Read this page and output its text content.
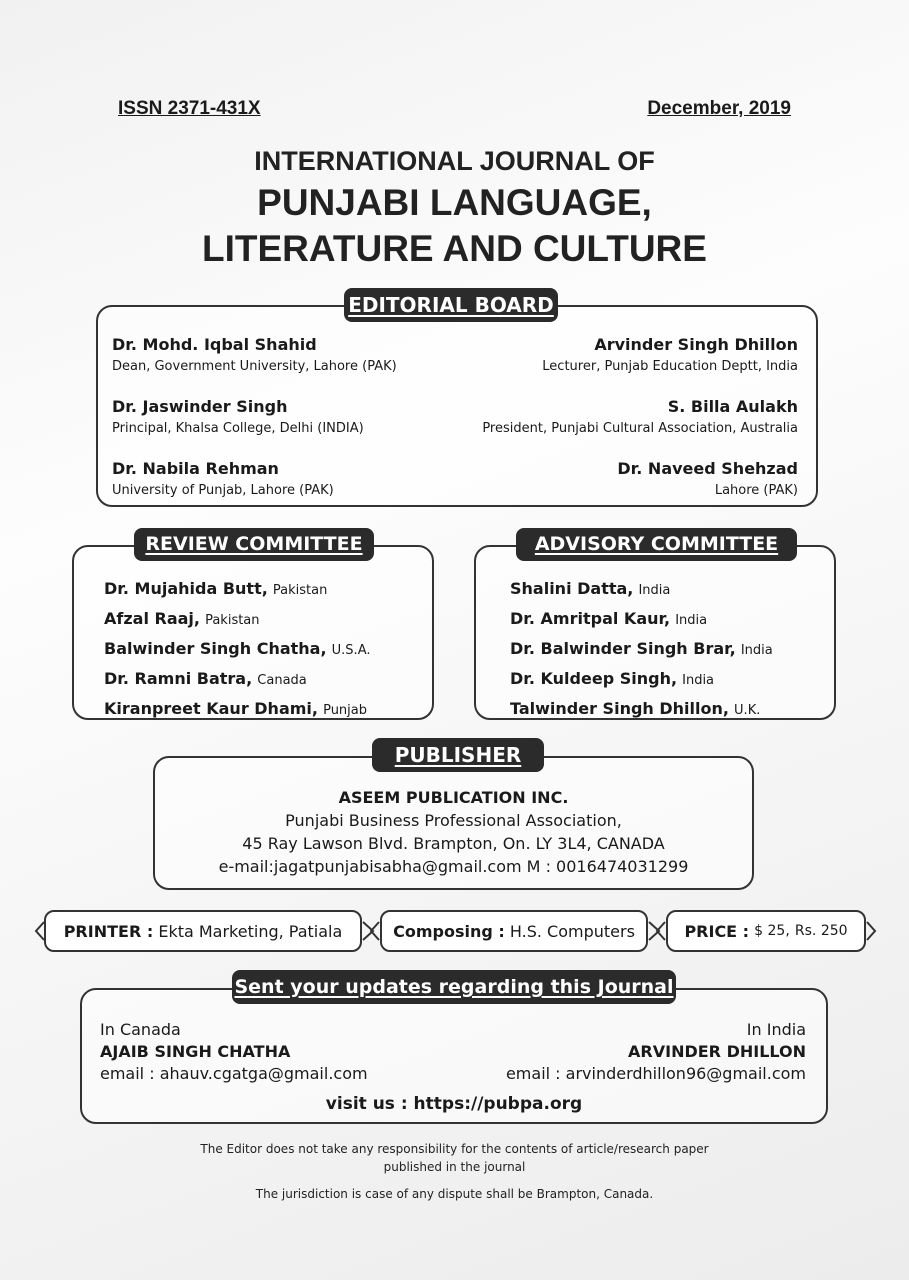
ISSN 2371-431X	December, 2019
INTERNATIONAL JOURNAL OF
PUNJABI LANGUAGE,
LITERATURE AND CULTURE
Dr. Mohd. Iqbal Shahid
Dean, Government University, Lahore (PAK)
Dr. Jaswinder Singh
Principal, Khalsa College, Delhi (INDIA)
Dr. Nabila Rehman
University of Punjab, Lahore (PAK)
Arvinder Singh Dhillon
Lecturer, Punjab Education Deptt, India
S. Billa Aulakh
President, Punjabi Cultural Association, Australia
Dr. Naveed Shehzad
Lahore (PAK)
EDITORIAL BOARD
Dr. Mujahida Butt, Pakistan
Afzal Raaj, Pakistan
Balwinder Singh Chatha, U.S.A.
Dr. Ramni Batra, Canada
Kiranpreet Kaur Dhami, Punjab
REVIEW COMMITTEE
Shalini Datta, India
Dr. Amritpal Kaur, India
Dr. Balwinder Singh Brar, India
Dr. Kuldeep Singh, India
Talwinder Singh Dhillon, U.K.
ADVISORY COMMITTEE
ASEEM PUBLICATION INC.
Punjabi Business Professional Association,
45 Ray Lawson Blvd. Brampton, On. LY 3L4, CANADA
e-mail:jagatpunjabisabha@gmail.com M : 0016474031299
PUBLISHER
PRINTER :
Ekta Marketing, Patiala	Composing :
H.S. Computers	PRICE :
$ 25,
Rs. 250
In Canada
AJAIB SINGH CHATHA
email : ahauv.cgatga@gmail.com
In India
ARVINDER DHILLON
email : arvinderdhillon96@gmail.com
visit us : https://pubpa.org
Sent your updates regarding this Journal
The Editor does not take any responsibility for the contents of article/research paper
published in the journal
The jurisdiction is case of any dispute shall be Brampton, Canada.
